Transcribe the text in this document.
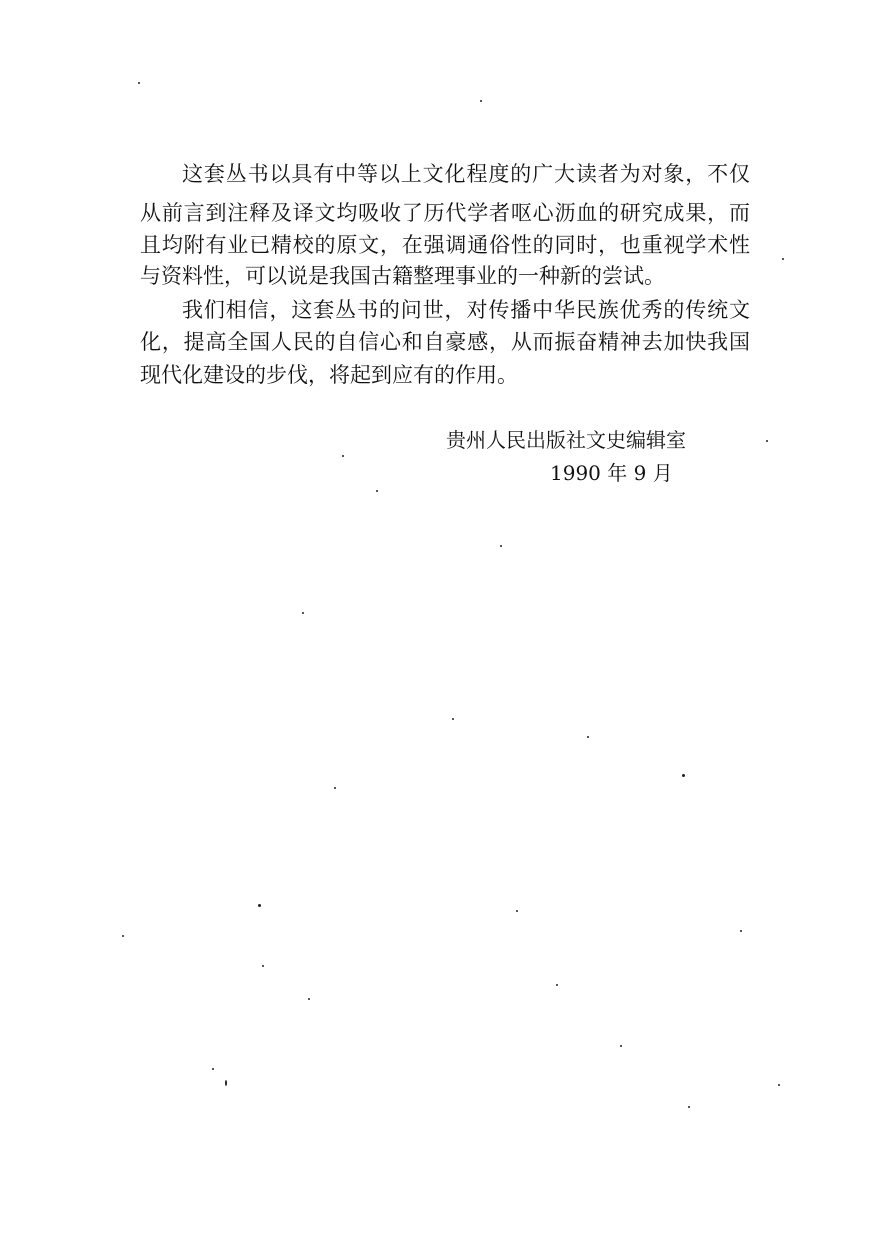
这套丛书以具有中等以上文化程度的广大读者为对象，不仅
从前言到注释及译文均吸收了历代学者呕心沥血的研究成果，而
且均附有业已精校的原文，在强调通俗性的同时，也重视学术性
与资料性，可以说是我国古籍整理事业的一种新的尝试。
我们相信，这套丛书的问世，对传播中华民族优秀的传统文
化，提高全国人民的自信心和自豪感，从而振奋精神去加快我国
现代化建设的步伐，将起到应有的作用。
贵州人民出版社文史编辑室
1990 年 9 月
